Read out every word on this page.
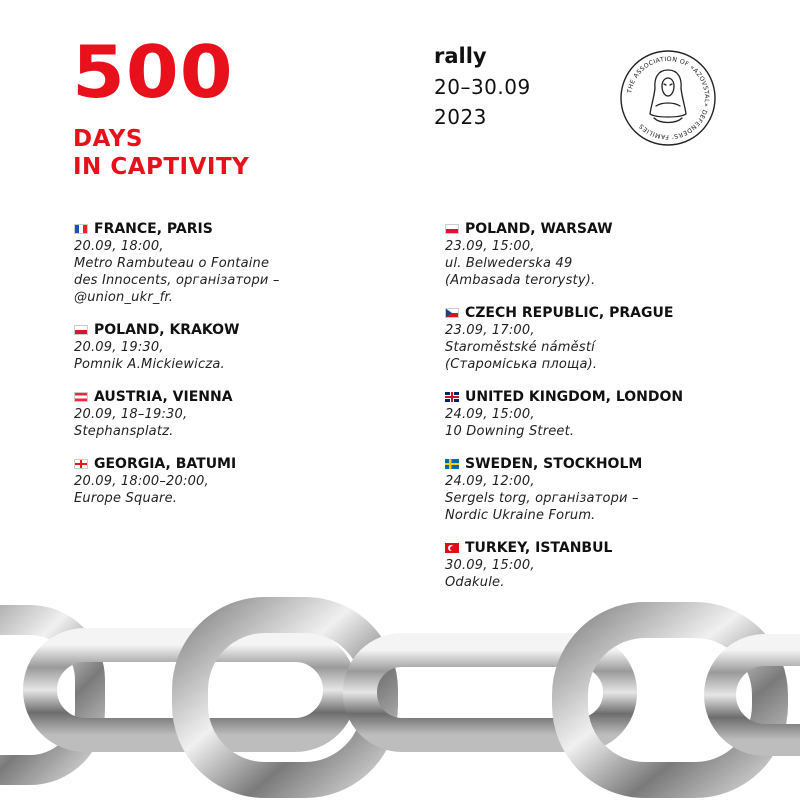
500
DAYS
IN CAPTIVITY
rally
20–30.09
2023
THE ASSOCIATION OF «AZOVSTAL» DEFENDERS' FAMILIES
FRANCE, PARIS
20.09, 18:00,
Metro Rambuteau o Fontaine
des Innocents, організатори –
@union_ukr_fr.
POLAND, KRAKOW
20.09, 19:30,
Pomnik A.Mickiewicza.
AUSTRIA, VIENNA
20.09, 18–19:30,
Stephansplatz.
GEORGIA, BATUMI
20.09, 18:00–20:00,
Europe Square.
POLAND, WARSAW
23.09, 15:00,
ul. Belwederska 49
(Ambasada terorysty).
CZECH REPUBLIC, PRAGUE
23.09, 17:00,
Staroměstské náměstí
(Староміська площа).
UNITED KINGDOM, LONDON
24.09, 15:00,
10 Downing Street.
SWEDEN, STOCKHOLM
24.09, 12:00,
Sergels torg, організатори –
Nordic Ukraine Forum.
TURKEY, ISTANBUL
30.09, 15:00,
Odakule.
